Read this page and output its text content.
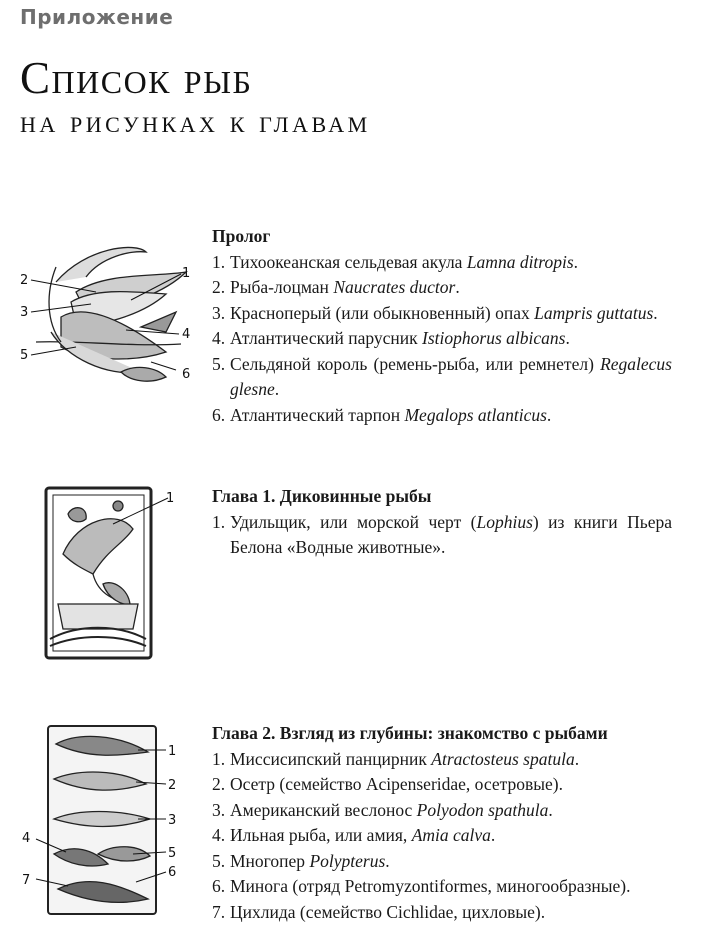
Приложение
Список рыб
на рисунках к главам
1
2
3
4
5
6
Пролог
1. Тихоокеанская сельдевая акула Lamna ditropis.
2. Рыба-лоцман Naucrates ductor.
3. Краснoперый (или обыкновенный) опах Lampris guttatus.
4. Атлантический парусник Istiophorus albicans.
5. Сельдяной король (ремень-рыба, или ремнетел) Regalecus glesne.
6. Атлантический тарпон Megalops atlanticus.
1 Глава 1. Диковинные рыбы
1. Удильщик, или морской черт (Lophius) из книги Пьера Белона «Водные животные».
1
2
3
4
5
6
7
Глава 2. Взгляд из глубины: знакомство с рыбами
1. Миссисипский панцирник Atractosteus spatula.
2. Осетр (семейство Acipenseridae, осетровые).
3. Американский веслонос Polyodon spathula.
4. Ильная рыба, или амия, Amia calva.
5. Многопер Polypterus.
6. Минога (отряд Petromyzontiformes, миногообразные).
7. Цихлида (семейство Cichlidae, цихловые).
